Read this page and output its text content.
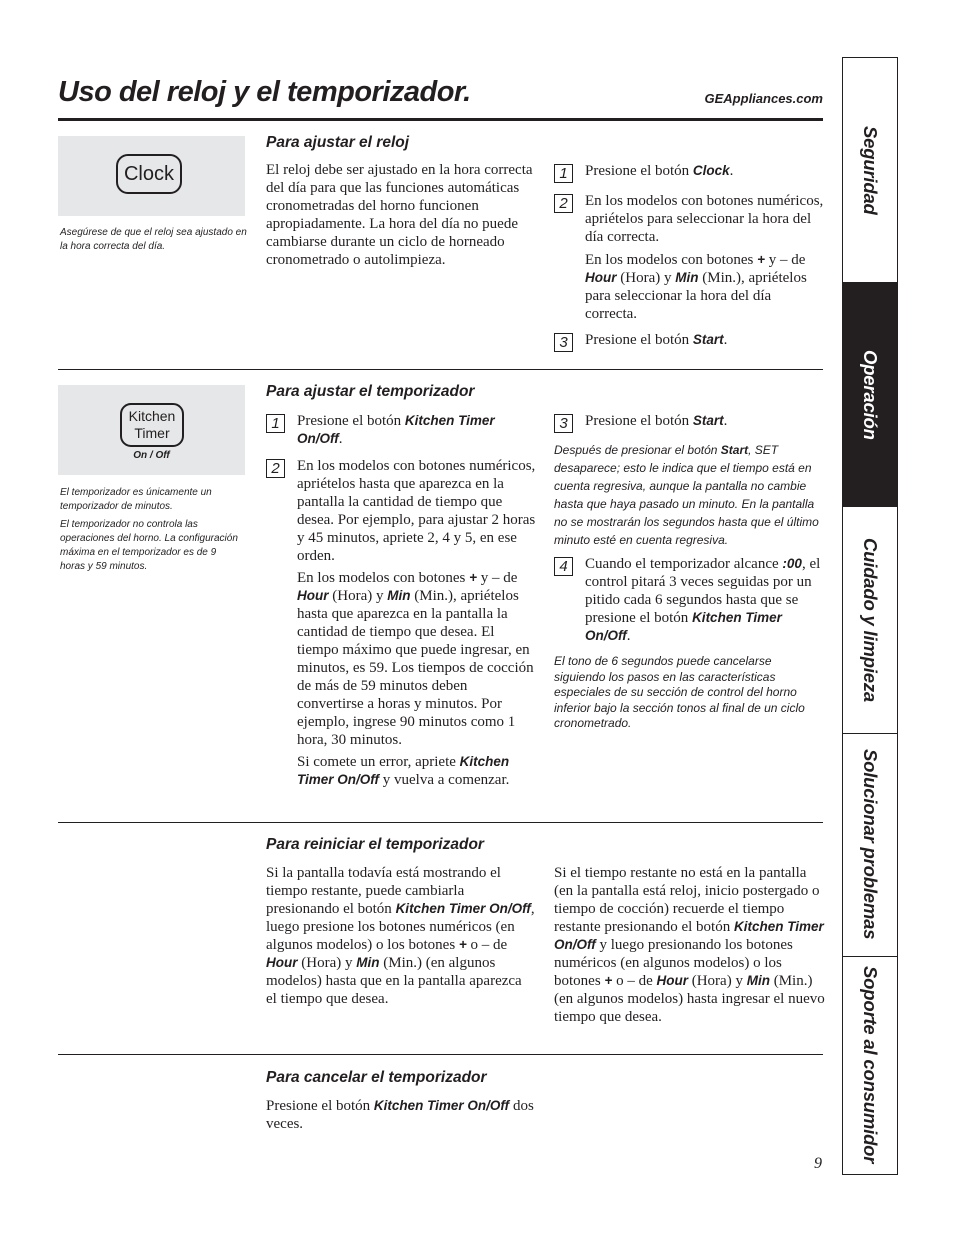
Uso del reloj y el temporizador.	GEAppliances.com
Seguridad
Operación
Cuidado y limpieza
Solucionar problemas
Soporte al consumidor
Clock
Asegúrese de que el reloj sea ajustado en la hora correcta del día.
Para ajustar el reloj
El reloj debe ser ajustado en la hora correcta del día para que las funciones automáticas cronometradas del horno funcionen apropiadamente. La hora del día no puede cambiarse durante un ciclo de horneado cronometrado o autolimpieza.
1	Presione el botón Clock.
2	En los modelos con botones numéricos, apriételos para seleccionar la hora del día correcta.

En los modelos con botones + y – de Hour (Hora) y Min (Min.), apriételos para seleccionar la hora del día correcta.

3	Presione el botón Start.
Kitchen
Timer
On / Off

El temporizador es únicamente un temporizador de minutos.

El temporizador no controla las operaciones del horno. La configuración máxima en el temporizador es de 9 horas y 59 minutos.

Para ajustar el temporizador
1	Presione el botón Kitchen Timer On/Off.
2	En los modelos con botones numéricos, apriételos hasta que aparezca en la pantalla la cantidad de tiempo que desea. Por ejemplo, para ajustar 2 horas y 45 minutos, apriete 2, 4 y 5, en ese orden.

En los modelos con botones + y – de Hour (Hora) y Min (Min.), apriételos hasta que aparezca en la pantalla la cantidad de tiempo que desea. El tiempo máximo que puede ingresar, en minutos, es 59. Los tiempos de cocción de más de 59 minutos deben convertirse a horas y minutos. Por ejemplo, ingrese 90 minutos como 1 hora, 30 minutos.

Si comete un error, apriete Kitchen Timer On/Off y vuelva a comenzar.

3	Presione el botón Start.
Después de presionar el botón Start, SET desaparece; esto le indica que el tiempo está en cuenta regresiva, aunque la pantalla no cambie hasta que haya pasado un minuto. En la pantalla no se mostrarán los segundos hasta que el último minuto esté en cuenta regresiva.
4	Cuando el temporizador alcance :00, el control pitará 3 veces seguidas por un pitido cada 6 segundos hasta que se presione el botón Kitchen Timer On/Off.
El tono de 6 segundos puede cancelarse siguiendo los pasos en las características especiales de su sección de control del horno inferior bajo la sección tonos al final de un ciclo cronometrado.
Para reiniciar el temporizador
Si la pantalla todavía está mostrando el tiempo restante, puede cambiarla presionando el botón Kitchen Timer On/Off, luego presione los botones numéricos (en algunos modelos) o los botones + o – de Hour (Hora) y Min (Min.) (en algunos modelos) hasta que en la pantalla aparezca el tiempo que desea.
Si el tiempo restante no está en la pantalla (en la pantalla está reloj, inicio postergado o tiempo de cocción) recuerde el tiempo restante presionando el botón Kitchen Timer On/Off y luego presionando los botones numéricos (en algunos modelos) o los botones + o – de Hour (Hora) y Min (Min.) (en algunos modelos) hasta ingresar el nuevo tiempo que desea.
Para cancelar el temporizador
Presione el botón Kitchen Timer On/Off dos veces.
9
